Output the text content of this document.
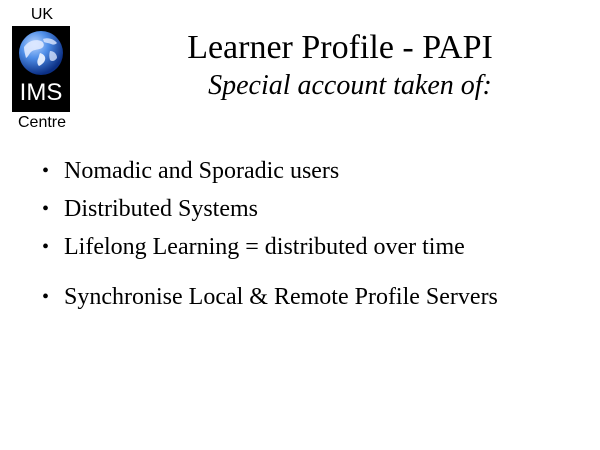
UK
IMS
Centre
Learner Profile - PAPI
Special account taken of:
• Nomadic and Sporadic users
• Distributed Systems
• Lifelong Learning = distributed over time
• Synchronise Local & Remote Profile Servers
